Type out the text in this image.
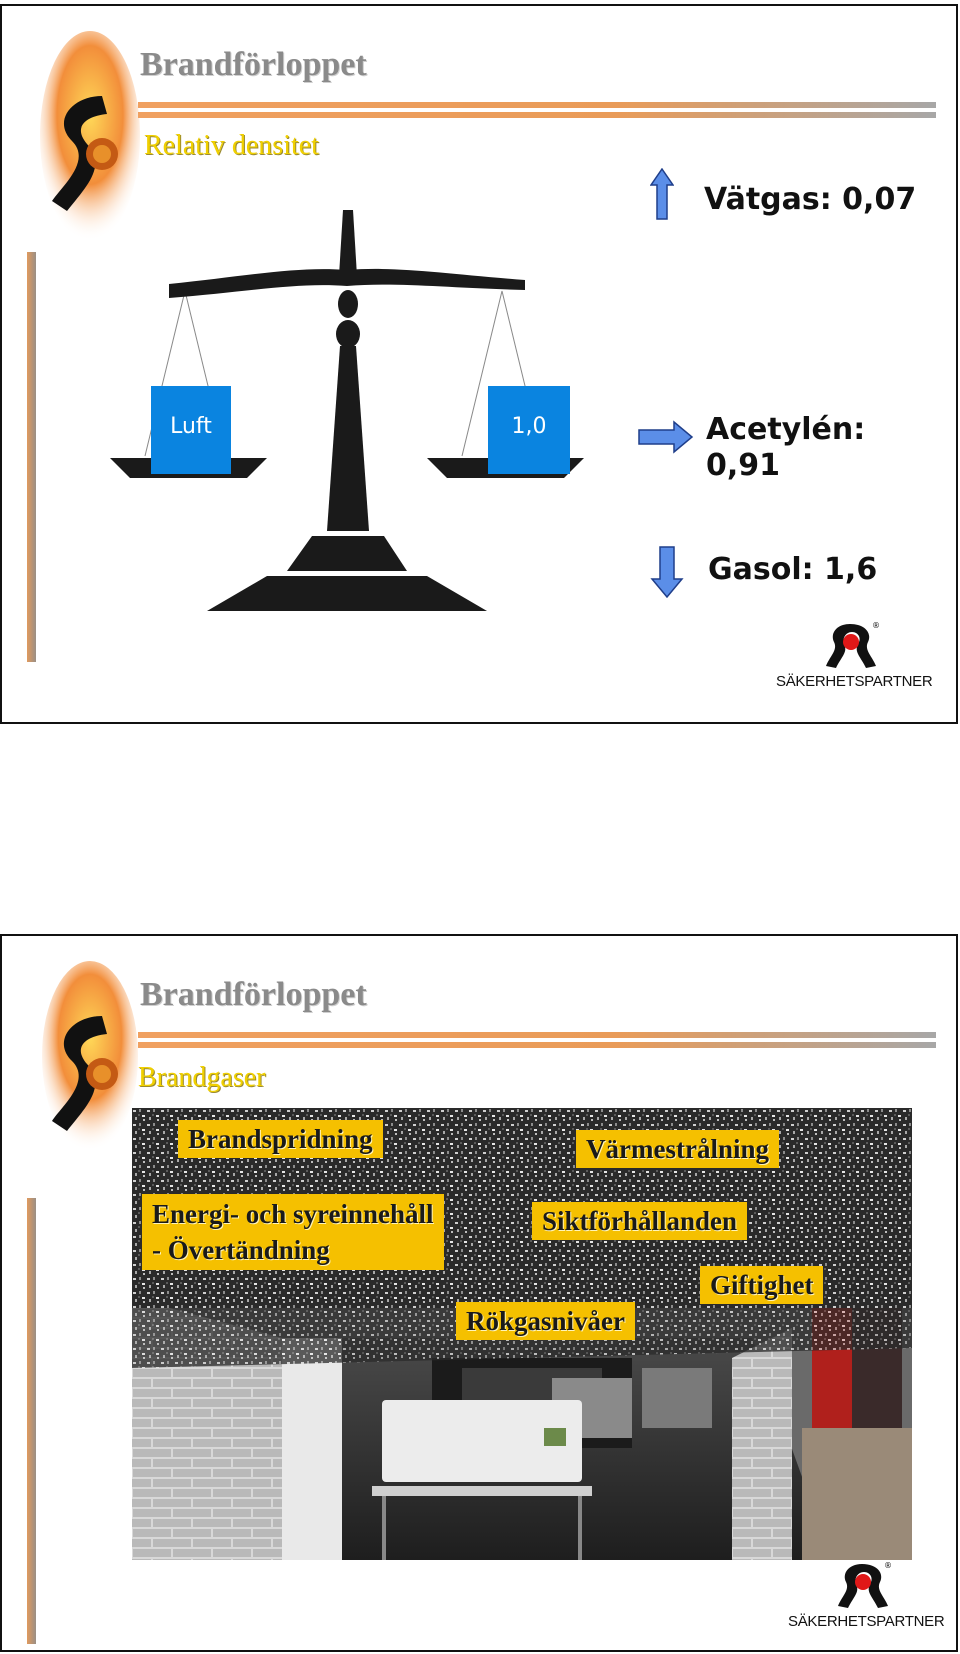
Brandförloppet
Relativ densitet
Luft	1,0
Vätgas: 0,07
Acetylén: 0,91
Gasol: 1,6
®
SÄKERHETSPARTNER
Brandförloppet
Brandgaser
Brandspridning	Värmestrålning
Energi- och syreinnehåll
- Övertändning
Siktförhållanden
Giftighet
Rökgasnivåer
®
SÄKERHETSPARTNER
